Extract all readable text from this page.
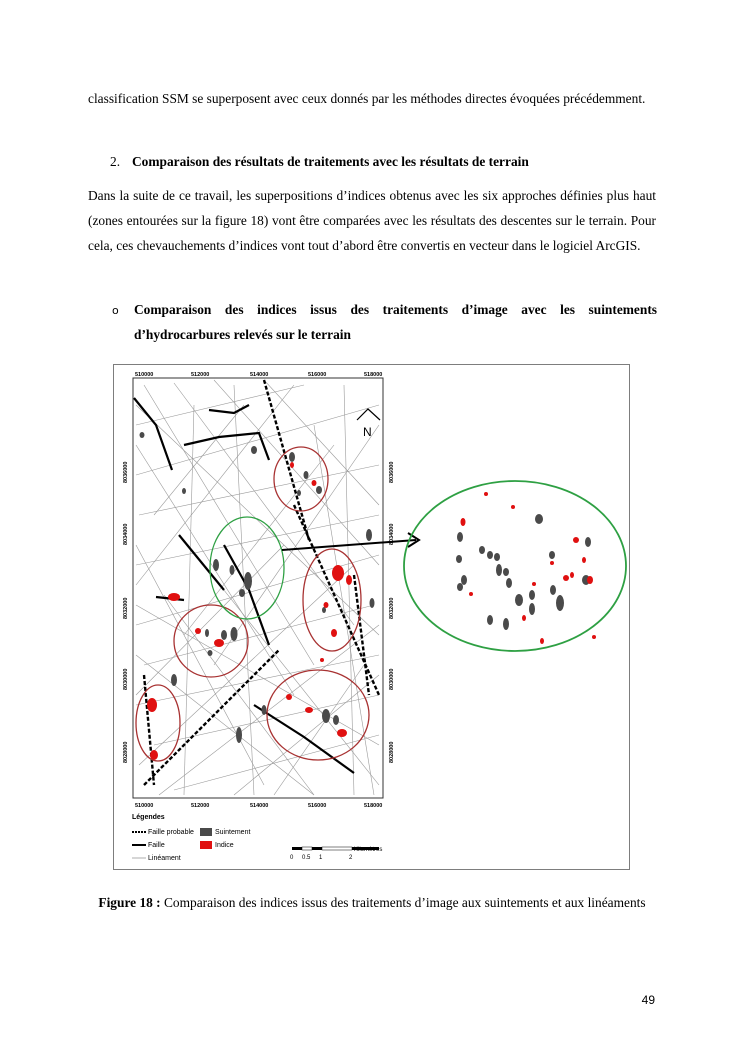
classification SSM se superposent avec ceux donnés par les méthodes directes évoquées précédemment.

2. Comparaison des résultats de traitements avec les résultats de terrain

Dans la suite de ce travail, les superpositions d’indices obtenus avec les six approches définies plus haut (zones entourées sur la figure 18) vont être comparées avec les résultats des descentes sur le terrain. Pour cela, ces chevauchements d’indices vont tout d’abord être convertis en vecteur dans le logiciel ArcGIS.

o Comparaison des indices issus des traitements d’image avec les suintements
d’hydrocarbures relevés sur le terrain
N
510000	512000	514000	516000	518000
510000	512000	514000	516000	518000
8036000
8034000
8032000
8030000
8028000
8036000
8034000
8032000
8030000
8028000
Légendes
Faille probable
Faille
Linéament
Suintement
Indice
Kilomètres
0 0.5 1	2
Figure 18 : Comparaison des indices issus des traitements d’image aux suintements et aux linéaments
49
